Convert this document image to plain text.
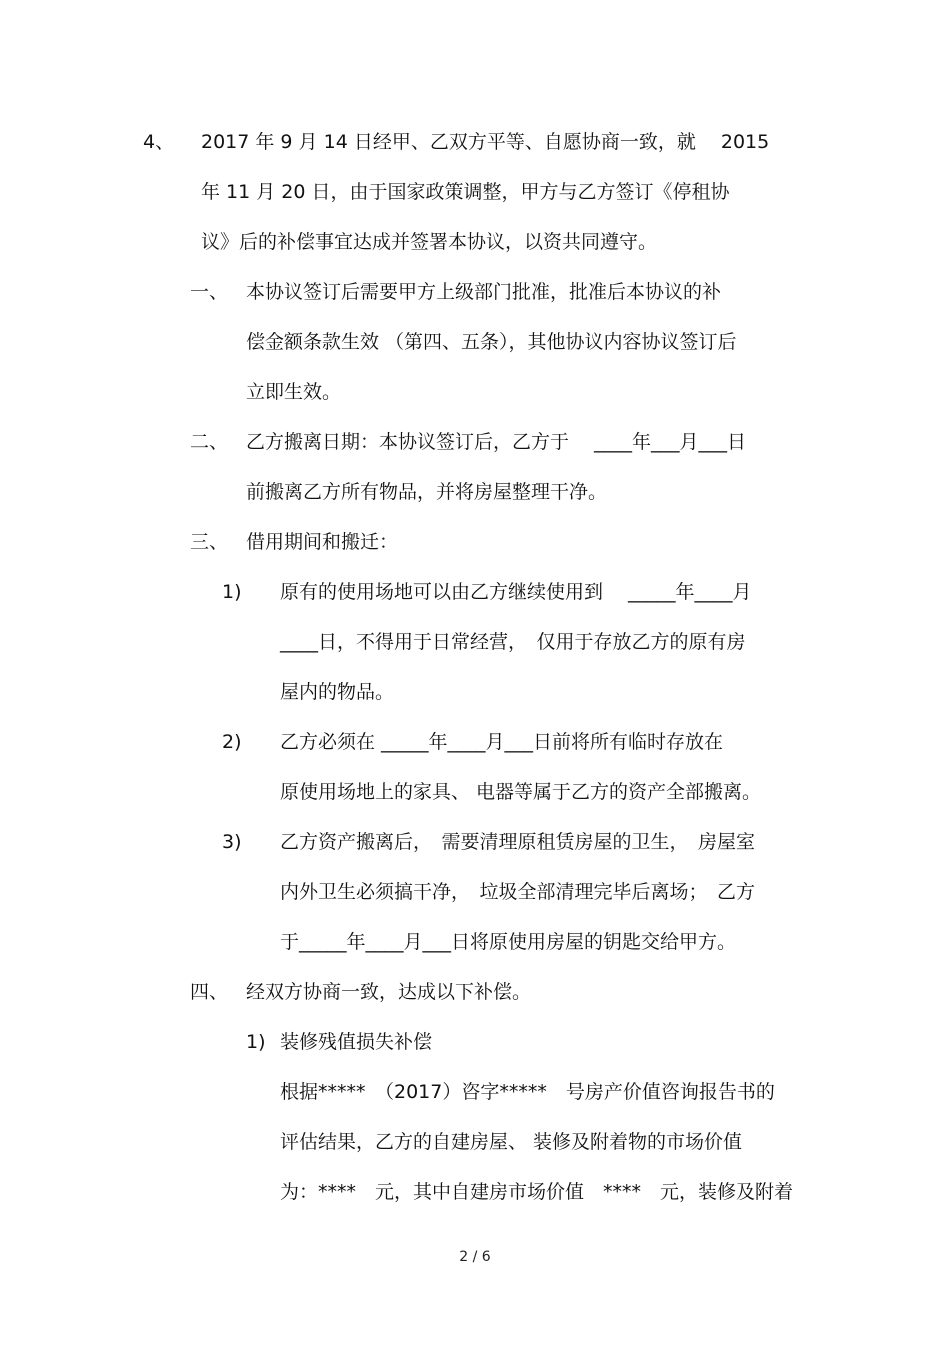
4、 2017 年 9 月 14 日经甲、乙双方平等、自愿协商一致，就　 2015
年 11 月 20 日，由于国家政策调整，甲方与乙方签订《停租协
议》后的补偿事宜达成并签署本协议，以资共同遵守。
一、 本协议签订后需要甲方上级部门批准，批准后本协议的补
偿金额条款生效 （第四、五条），其他协议内容协议签订后
立即生效。
二、 乙方搬离日期：本协议签订后，乙方于　 ____年___月___日
前搬离乙方所有物品，并将房屋整理干净。
三、 借用期间和搬迁：
1) 原有的使用场地可以由乙方继续使用到　 _____年____月
____日，不得用于日常经营，　仅用于存放乙方的原有房
屋内的物品。
2) 乙方必须在 _____年____月___日前将所有临时存放在
原使用场地上的家具、 电器等属于乙方的资产全部搬离。
3) 乙方资产搬离后，　需要清理原租赁房屋的卫生，　房屋室
内外卫生必须搞干净，　垃圾全部清理完毕后离场；　乙方
于_____年____月___日将原使用房屋的钥匙交给甲方。
四、 经双方协商一致，达成以下补偿。
1) 装修残值损失补偿
根据*****　（2017）咨字*****　号房产价值咨询报告书的
评估结果，乙方的自建房屋、 装修及附着物的市场价值
为：****　元，其中自建房市场价值　****　元，装修及附着
2 / 6
